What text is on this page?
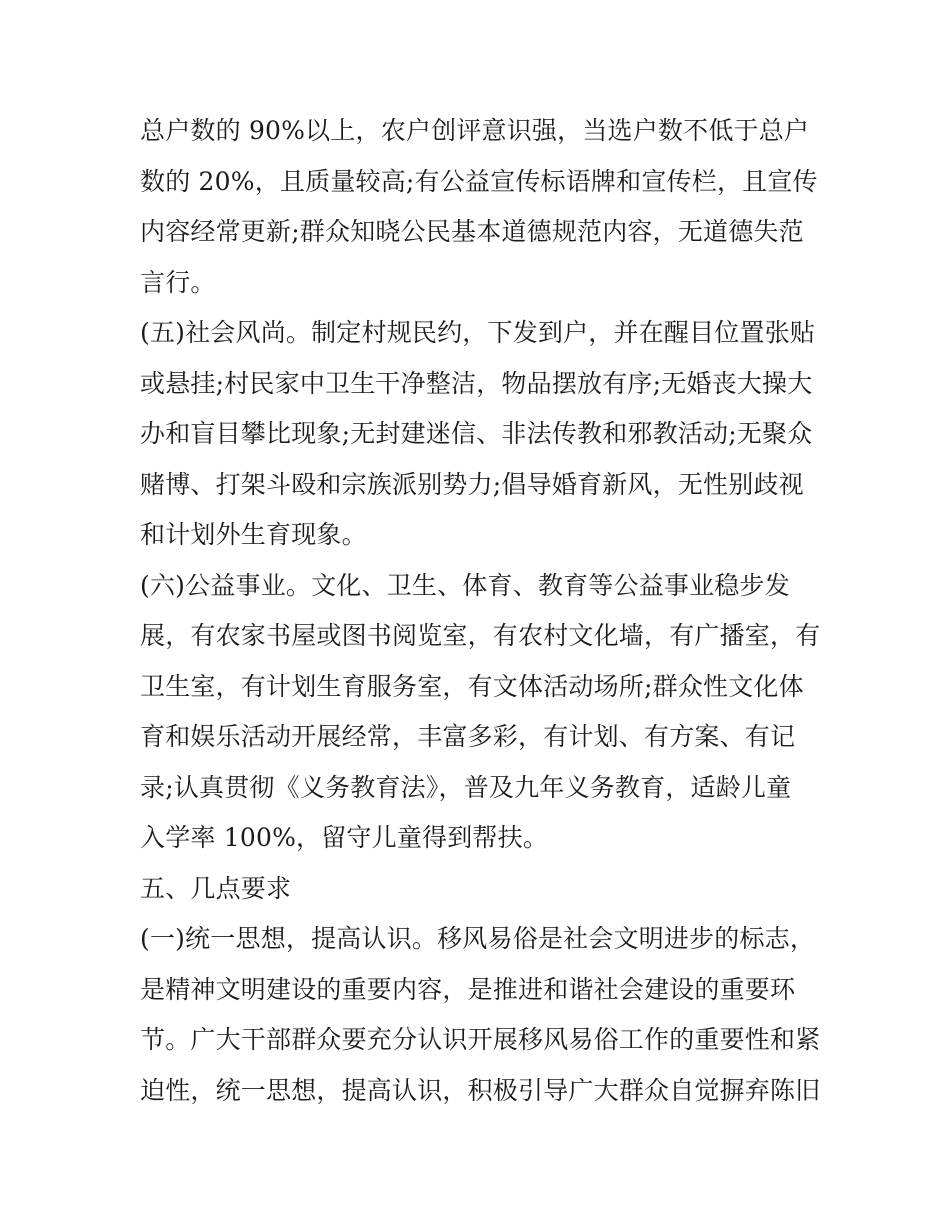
总户数的 90%以上，农户创评意识强，当选户数不低于总户
数的 20%，且质量较高;有公益宣传标语牌和宣传栏，且宣传
内容经常更新;群众知晓公民基本道德规范内容，无道德失范
言行。
(五)社会风尚。制定村规民约，下发到户，并在醒目位置张贴
或悬挂;村民家中卫生干净整洁，物品摆放有序;无婚丧大操大
办和盲目攀比现象;无封建迷信、非法传教和邪教活动;无聚众
赌博、打架斗殴和宗族派别势力;倡导婚育新风，无性别歧视
和计划外生育现象。
(六)公益事业。文化、卫生、体育、教育等公益事业稳步发
展，有农家书屋或图书阅览室，有农村文化墙，有广播室，有
卫生室，有计划生育服务室，有文体活动场所;群众性文化体
育和娱乐活动开展经常，丰富多彩，有计划、有方案、有记
录;认真贯彻《义务教育法》，普及九年义务教育，适龄儿童
入学率 100%，留守儿童得到帮扶。
五、几点要求
(一)统一思想，提高认识。移风易俗是社会文明进步的标志，
是精神文明建设的重要内容，是推进和谐社会建设的重要环
节。广大干部群众要充分认识开展移风易俗工作的重要性和紧
迫性，统一思想，提高认识，积极引导广大群众自觉摒弃陈旧
